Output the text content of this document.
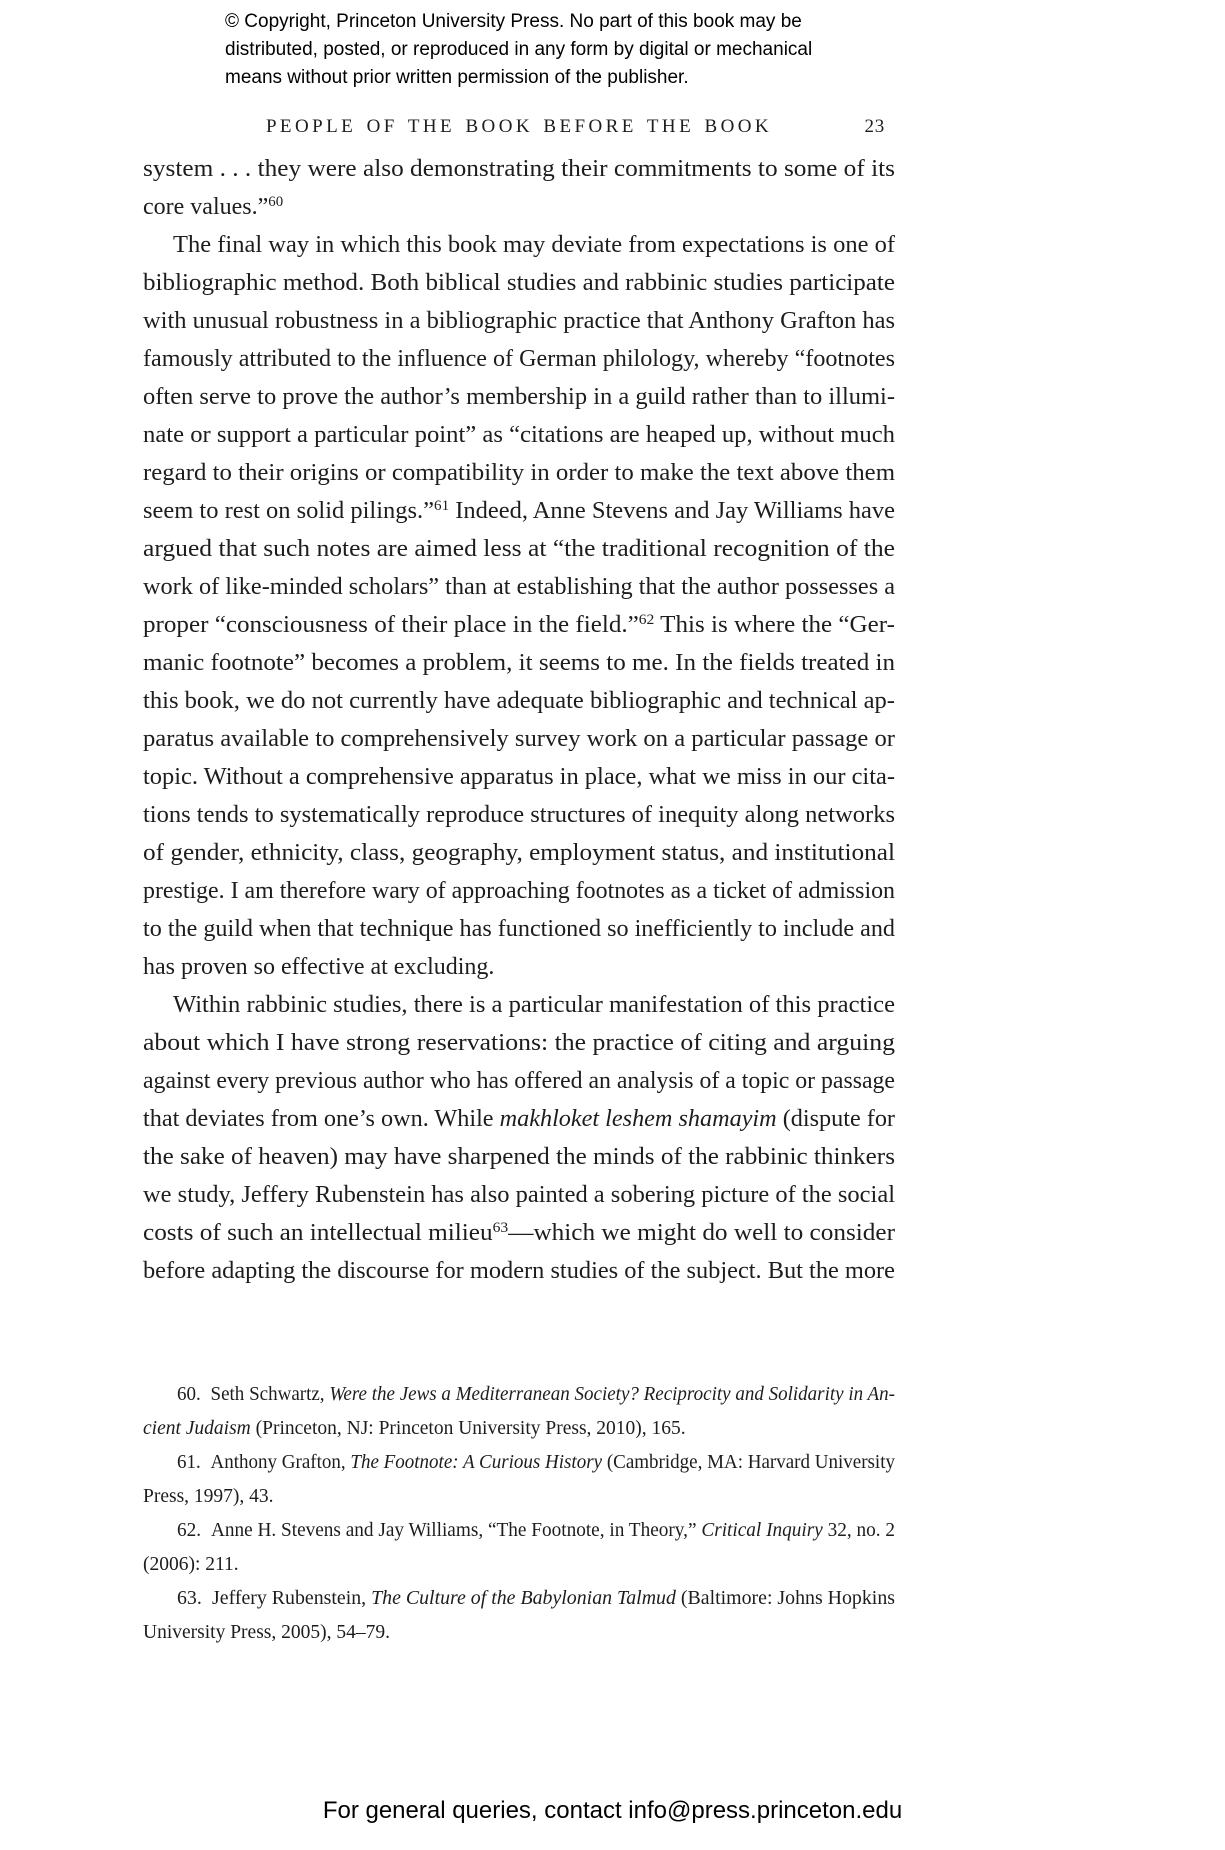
© Copyright, Princeton University Press. No part of this book may be
distributed, posted, or reproduced in any form by digital or mechanical
means without prior written permission of the publisher.
PEOPLE OF THE BOOK BEFORE THE BOOK	23
system . . . they were also demonstrating their commitments to some of its
core values.”$^{60}$
The final way in which this book may deviate from expectations is one of
bibliographic method. Both biblical studies and rabbinic studies participate
with unusual robustness in a bibliographic practice that Anthony Grafton has
famously attributed to the influence of German philology, whereby “footnotes
often serve to prove the author’s membership in a guild rather than to illumi-
nate or support a particular point” as “citations are heaped up, without much
regard to their origins or compatibility in order to make the text above them
seem to rest on solid pilings.”$^{61}$ Indeed, Anne Stevens and Jay Williams have
argued that such notes are aimed less at “the traditional recognition of the
work of like-minded scholars” than at establishing that the author possesses a
proper “consciousness of their place in the field.”$^{62}$ This is where the “Ger-
manic footnote” becomes a problem, it seems to me. In the fields treated in
this book, we do not currently have adequate bibliographic and technical ap-
paratus available to comprehensively survey work on a particular passage or
topic. Without a comprehensive apparatus in place, what we miss in our cita-
tions tends to systematically reproduce structures of inequity along networks
of gender, ethnicity, class, geography, employment status, and institutional
prestige. I am therefore wary of approaching footnotes as a ticket of admission
to the guild when that technique has functioned so inefficiently to include and
has proven so effective at excluding.
Within rabbinic studies, there is a particular manifestation of this practice
about which I have strong reservations: the practice of citing and arguing
against every previous author who has offered an analysis of a topic or passage
that deviates from one’s own. While makhloket leshem shamayim (dispute for
the sake of heaven) may have sharpened the minds of the rabbinic thinkers
we study, Jeffery Rubenstein has also painted a sobering picture of the social
costs of such an intellectual milieu$^{63}$—which we might do well to consider
before adapting the discourse for modern studies of the subject. But the more
60. Seth Schwartz, Were the Jews a Mediterranean Society? Reciprocity and Solidarity in An-
cient Judaism (Princeton, NJ: Princeton University Press, 2010), 165.
61. Anthony Grafton, The Footnote: A Curious History (Cambridge, MA: Harvard University
Press, 1997), 43.
62. Anne H. Stevens and Jay Williams, “The Footnote, in Theory,” Critical Inquiry 32, no. 2
(2006): 211.
63. Jeffery Rubenstein, The Culture of the Babylonian Talmud (Baltimore: Johns Hopkins
University Press, 2005), 54–79.
For general queries, contact info@press.princeton.edu
